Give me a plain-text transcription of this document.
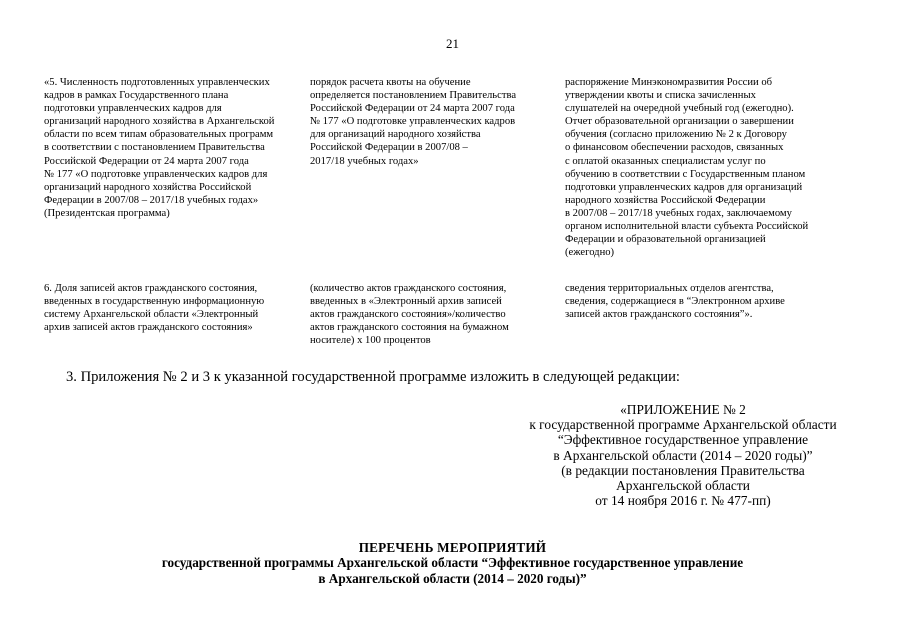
21
«5. Численность подготовленных управленческих
кадров в рамках Государственного плана
подготовки управленческих кадров для
организаций народного хозяйства в Архангельской
области по всем типам образовательных программ
в соответствии с постановлением Правительства
Российской Федерации от 24 марта 2007 года
№ 177 «О подготовке управленческих кадров для
организаций народного хозяйства Российской
Федерации в 2007/08 – 2017/18 учебных годах»
(Президентская программа)
порядок расчета квоты на обучение
определяется постановлением Правительства
Российской Федерации от 24 марта 2007 года
№ 177 «О подготовке управленческих кадров
для организаций народного хозяйства
Российской Федерации в 2007/08 –
2017/18 учебных годах»
распоряжение Минэкономразвития России об
утверждении квоты и списка зачисленных
слушателей на очередной учебный год (ежегодно).
Отчет образовательной организации о завершении
обучения (согласно приложению № 2 к Договору
о финансовом обеспечении расходов, связанных
с оплатой оказанных специалистам услуг по
обучению в соответствии с Государственным планом
подготовки управленческих кадров для организаций
народного хозяйства Российской Федерации
в 2007/08 – 2017/18 учебных годах, заключаемому
органом исполнительной власти субъекта Российской
Федерации и образовательной организацией
(ежегодно)
6. Доля записей актов гражданского состояния,
введенных в государственную информационную
систему Архангельской области «Электронный
архив записей актов гражданского состояния»
(количество актов гражданского состояния,
введенных в «Электронный архив записей
актов гражданского состояния»/количество
актов гражданского состояния на бумажном
носителе) x 100 процентов
сведения территориальных отделов агентства,
сведения, содержащиеся в “Электронном архиве
записей актов гражданского состояния”».
3. Приложения № 2 и 3 к указанной государственной программе изложить в следующей редакции:
«ПРИЛОЖЕНИЕ № 2
к государственной программе Архангельской области
“Эффективное государственное управление
в Архангельской области (2014 – 2020 годы)”
(в редакции постановления Правительства
Архангельской области
от 14 ноября 2016 г. № 477-пп)
ПЕРЕЧЕНЬ МЕРОПРИЯТИЙ
государственной программы Архангельской области “Эффективное государственное управление
в Архангельской области (2014 – 2020 годы)”
